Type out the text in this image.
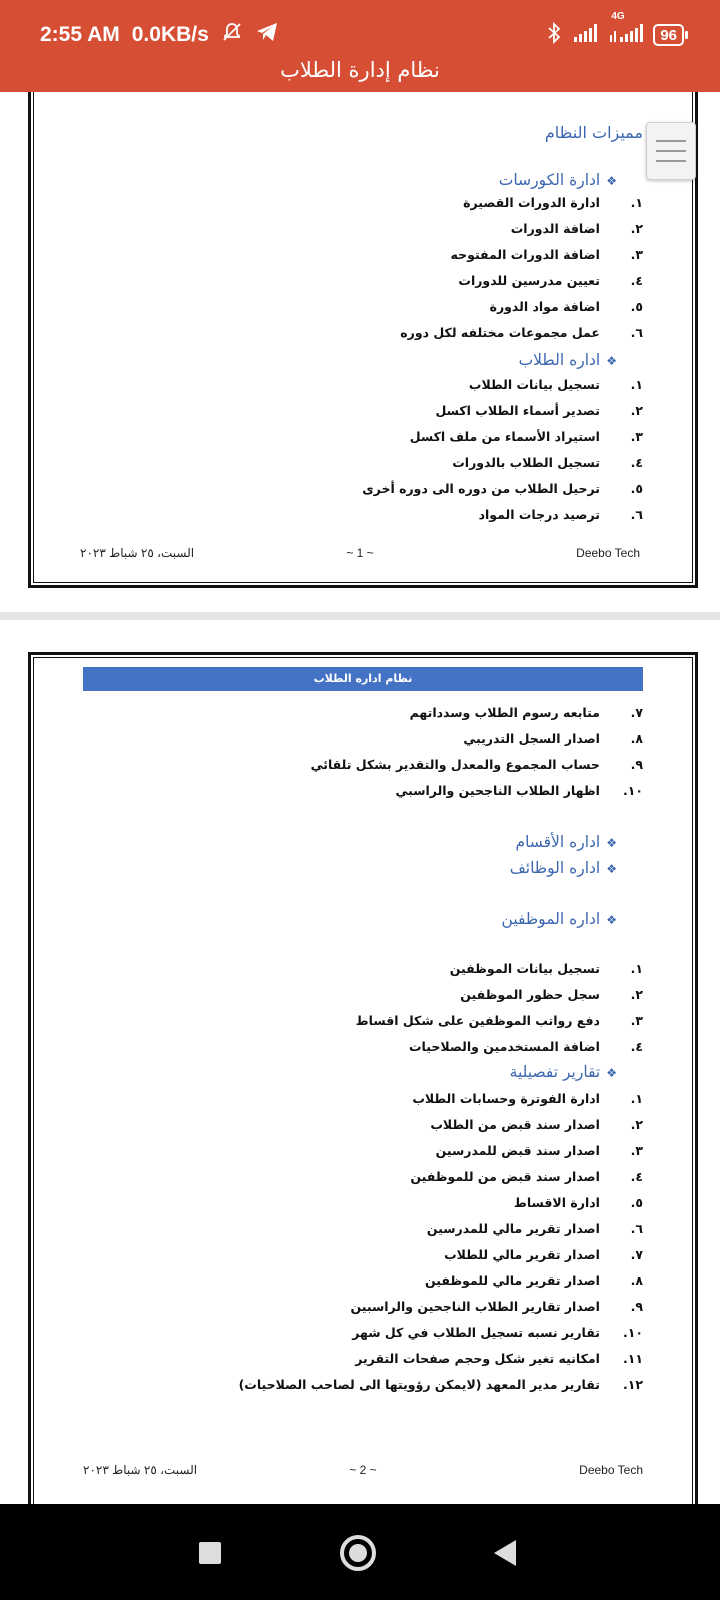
2:55 AM 0.0KB/s
4G
96
نظام إدارة الطلاب
مميزات النظام
❖ادارة الكورسات
١.   ادارة الدورات القصيرة
٢.   اضافة الدورات
٣.   اضافة الدورات المفتوحه
٤.   تعيين مدرسين للدورات
٥.   اضافة مواد الدورة
٦.   عمل مجموعات مختلفه لكل دوره
❖اداره الطلاب
١.   تسجيل بيانات الطلاب
٢.   تصدير أسماء الطلاب اكسل
٣.   استيراد الأسماء من ملف اكسل
٤.   تسجيل الطلاب بالدورات
٥.   ترحيل الطلاب من دوره الى دوره أخرى
٦.   ترصيد درجات المواد
نظام اداره الطلاب
٧.   متابعه رسوم الطلاب وسدداتهم
٨.   اصدار السجل التدريبي
٩.   حساب المجموع والمعدل والتقدير بشكل تلقائي
١٠.   اظهار الطلاب الناجحين والراسبي
❖اداره الأقسام
❖اداره الوظائف
❖اداره الموظفين
١.   تسجيل بيانات الموظفين
٢.   سجل حظور الموظفين
٣.   دفع رواتب الموظفين على شكل اقساط
٤.   اضافة المستخدمين والصلاحيات
❖تقارير تفصيلية
١.   ادارة الفوترة وحسابات الطلاب
٢.   اصدار سند قبض من الطلاب
٣.   اصدار سند قبض للمدرسين
٤.   اصدار سند قبض من للموظفين
٥.   ادارة الاقساط
٦.   اصدار تقرير مالي للمدرسين
٧.   اصدار تقرير مالي للطلاب
٨.   اصدار تقرير مالي للموظفين
٩.   اصدار تقارير الطلاب الناجحين والراسبين
١٠.   تقارير نسبه تسجيل الطلاب في كل شهر
١١.   امكانيه تغير شكل وحجم صفحات التقرير
١٢.   تقارير مدير المعهد (لايمكن رؤويتها الى لصاحب الصلاحيات)
Deebo Tech
~ 2 ~
السبت، ٢٥ شباط ٢٠٢٣
Deebo Tech
~ 1 ~
السبت، ٢٥ شباط ٢٠٢٣
